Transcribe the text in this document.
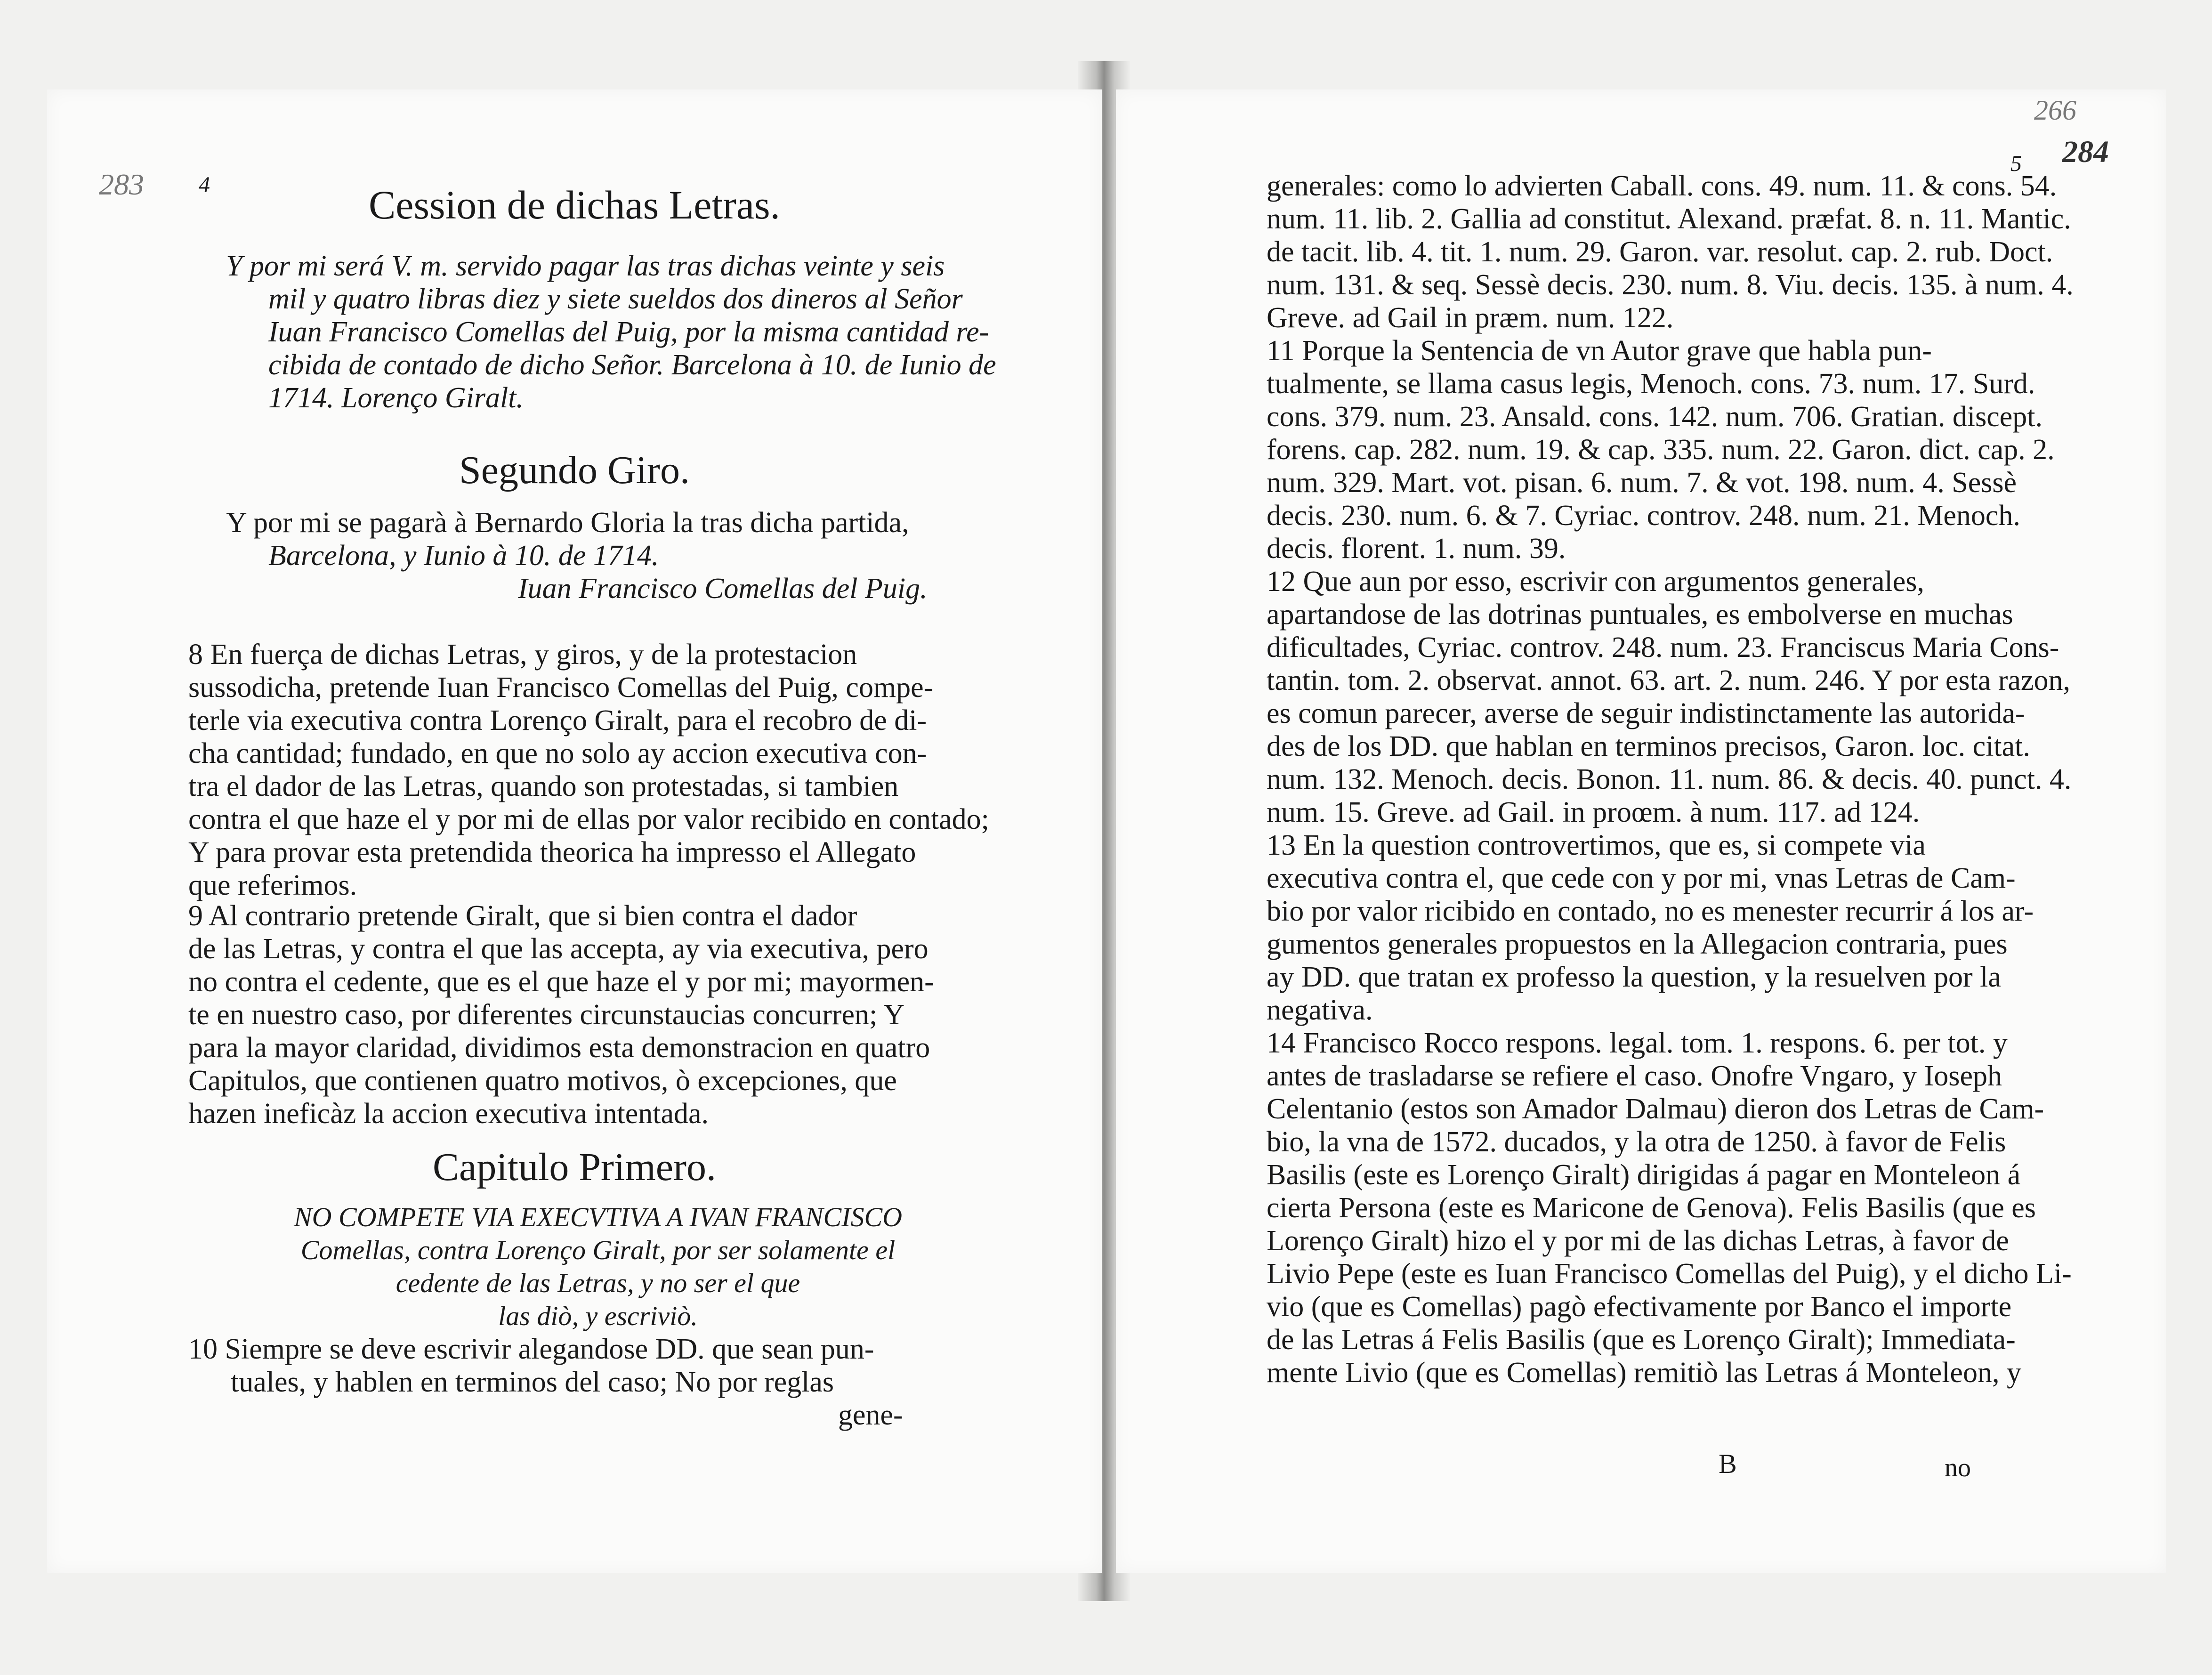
4
283	Cession de dichas Letras.
Y por mi será V. m. servido pagar las tras dichas veinte y seis
mil y quatro libras diez y siete sueldos dos dineros al Señor
Iuan Francisco Comellas del Puig, por la misma cantidad re-
cibida de contado de dicho Señor. Barcelona à 10. de Iunio de
1714. Lorenço Giralt.
Segundo Giro.
Y por mi se pagarà à Bernardo Gloria la tras dicha partida,
Barcelona, y Iunio à 10. de 1714.
Iuan Francisco Comellas del Puig.
8 En fuerça de dichas Letras, y giros, y de la protestacion
sussodicha, pretende Iuan Francisco Comellas del Puig, compe-
terle via executiva contra Lorenço Giralt, para el recobro de di-
cha cantidad; fundado, en que no solo ay accion executiva con-
tra el dador de las Letras, quando son protestadas, si tambien
contra el que haze el y por mi de ellas por valor recibido en contado;
Y para provar esta pretendida theorica ha impresso el Allegato
que referimos.
9 Al contrario pretende Giralt, que si bien contra el dador
de las Letras, y contra el que las accepta, ay via executiva, pero
no contra el cedente, que es el que haze el y por mi; mayormen-
te en nuestro caso, por diferentes circunstaucias concurren; Y
para la mayor claridad, dividimos esta demonstracion en quatro
Capitulos, que contienen quatro motivos, ò excepciones, que
hazen ineficàz la accion executiva intentada.
Capitulo Primero.
NO COMPETE VIA EXECVTIVA A IVAN FRANCISCO
Comellas, contra Lorenço Giralt, por ser solamente el
cedente de las Letras, y no ser el que
las diò, y escriviò.
10 Siempre se deve escrivir alegandose DD. que sean pun-
tuales, y hablen en terminos del caso; No por reglas
gene-
5
266
284
generales: como lo advierten Caball. cons. 49. num. 11. & cons. 54.
num. 11. lib. 2. Gallia ad constitut. Alexand. præfat. 8. n. 11. Mantic.
de tacit. lib. 4. tit. 1. num. 29. Garon. var. resolut. cap. 2. rub. Doct.
num. 131. & seq. Sessè decis. 230. num. 8. Viu. decis. 135. à num. 4.
Greve. ad Gail in præm. num. 122.
11 Porque la Sentencia de vn Autor grave que habla pun-
tualmente, se llama casus legis, Menoch. cons. 73. num. 17. Surd.
cons. 379. num. 23. Ansald. cons. 142. num. 706. Gratian. discept.
forens. cap. 282. num. 19. & cap. 335. num. 22. Garon. dict. cap. 2.
num. 329. Mart. vot. pisan. 6. num. 7. & vot. 198. num. 4. Sessè
decis. 230. num. 6. & 7. Cyriac. controv. 248. num. 21. Menoch.
decis. florent. 1. num. 39.
12 Que aun por esso, escrivir con argumentos generales,
apartandose de las dotrinas puntuales, es embolverse en muchas
dificultades, Cyriac. controv. 248. num. 23. Franciscus Maria Cons-
tantin. tom. 2. observat. annot. 63. art. 2. num. 246. Y por esta razon,
es comun parecer, averse de seguir indistinctamente las autorida-
des de los DD. que hablan en terminos precisos, Garon. loc. citat.
num. 132. Menoch. decis. Bonon. 11. num. 86. & decis. 40. punct. 4.
num. 15. Greve. ad Gail. in proœm. à num. 117. ad 124.
13 En la question controvertimos, que es, si compete via
executiva contra el, que cede con y por mi, vnas Letras de Cam-
bio por valor ricibido en contado, no es menester recurrir á los ar-
gumentos generales propuestos en la Allegacion contraria, pues
ay DD. que tratan ex professo la question, y la resuelven por la
negativa.
14 Francisco Rocco respons. legal. tom. 1. respons. 6. per tot. y
antes de trasladarse se refiere el caso. Onofre Vngaro, y Ioseph
Celentanio (estos son Amador Dalmau) dieron dos Letras de Cam-
bio, la vna de 1572. ducados, y la otra de 1250. à favor de Felis
Basilis (este es Lorenço Giralt) dirigidas á pagar en Monteleon á
cierta Persona (este es Maricone de Genova). Felis Basilis (que es
Lorenço Giralt) hizo el y por mi de las dichas Letras, à favor de
Livio Pepe (este es Iuan Francisco Comellas del Puig), y el dicho Li-
vio (que es Comellas) pagò efectivamente por Banco el importe
de las Letras á Felis Basilis (que es Lorenço Giralt); Immediata-
mente Livio (que es Comellas) remitiò las Letras á Monteleon, y
B	no
